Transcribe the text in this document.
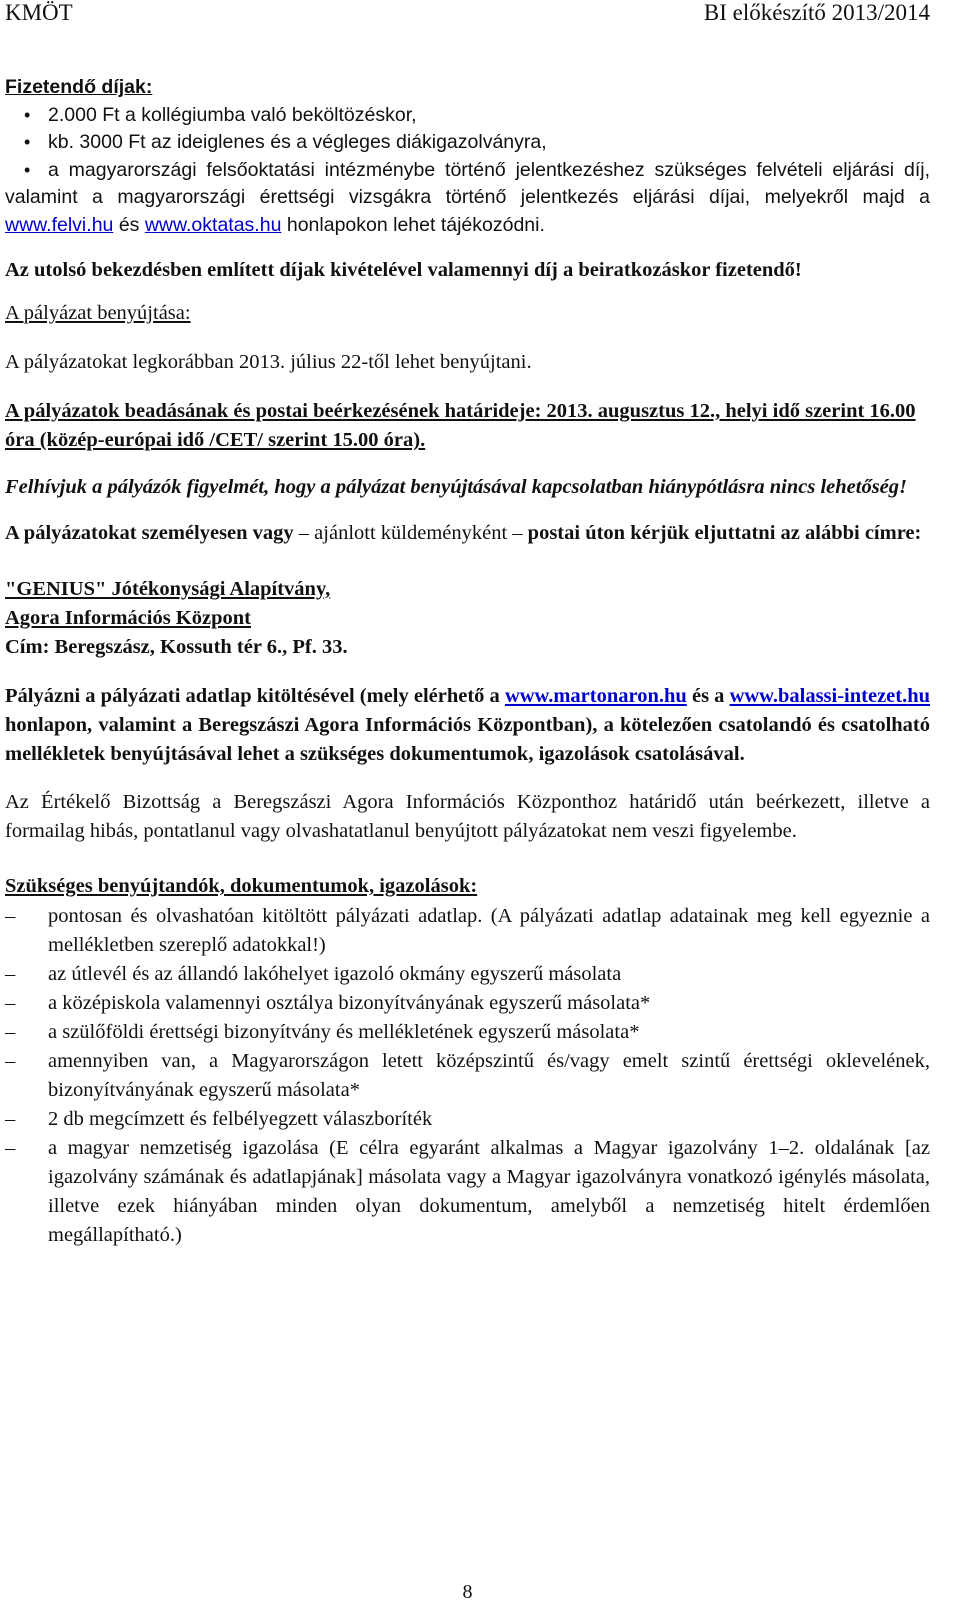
KMÖT	BI előkészítő 2013/2014
Fizetendő díjak:
• 2.000 Ft a kollégiumba való beköltözéskor,
• kb. 3000 Ft az ideiglenes és a végleges diákigazolványra,
• • a magyarországi felsőoktatási intézménybe történő jelentkezéshez szükséges felvételi eljárási díj, valamint a magyarországi érettségi vizsgákra történő jelentkezés eljárási díjai, melyekről majd a www.felvi.hu és www.oktatas.hu honlapokon lehet tájékozódni.
Az utolsó bekezdésben említett díjak kivételével valamennyi díj a beiratkozáskor fizetendő!
A pályázat benyújtása:
A pályázatokat legkorábban 2013. július 22-től lehet benyújtani.
A pályázatok beadásának és postai beérkezésének határideje: 2013. augusztus 12., helyi idő szerint 16.00 óra (közép-európai idő /CET/ szerint 15.00 óra).
Felhívjuk a pályázók figyelmét, hogy a pályázat benyújtásával kapcsolatban hiánypótlásra nincs lehetőség!
A pályázatokat személyesen vagy – ajánlott küldeményként – postai úton kérjük eljuttatni az alábbi címre:
"GENIUS" Jótékonysági Alapítvány,
Agora Információs Központ
Cím: Beregszász, Kossuth tér 6., Pf. 33.

Pályázni a pályázati adatlap kitöltésével (mely elérhető a www.martonaron.hu és a www.balassi-intezet.hu honlapon, valamint a Beregszászi Agora Információs Központban), a kötelezően csatolandó és csatolható mellékletek benyújtásával lehet a szükséges dokumentumok, igazolások csatolásával.

Az Értékelő Bizottság a Beregszászi Agora Információs Központhoz határidő után beérkezett, illetve a formailag hibás, pontatlanul vagy olvashatatlanul benyújtott pályázatokat nem veszi figyelembe.

Szükséges benyújtandók, dokumentumok, igazolások:
– pontosan és olvashatóan kitöltött pályázati adatlap. (A pályázati adatlap adatainak meg kell egyeznie a mellékletben szereplő adatokkal!)
– az útlevél és az állandó lakóhelyet igazoló okmány egyszerű másolata
– a középiskola valamennyi osztálya bizonyítványának egyszerű másolata*
– a szülőföldi érettségi bizonyítvány és mellékletének egyszerű másolata*
– amennyiben van, a Magyarországon letett középszintű és/vagy emelt szintű érettségi oklevelének, bizonyítványának egyszerű másolata*
– 2 db megcímzett és felbélyegzett válaszboríték
– a magyar nemzetiség igazolása (E célra egyaránt alkalmas a Magyar igazolvány 1–2. oldalának [az igazolvány számának és adatlapjának] másolata vagy a Magyar igazolványra vonatkozó igénylés másolata, illetve ezek hiányában minden olyan dokumentum, amelyből a nemzetiség hitelt érdemlően megállapítható.)
8
